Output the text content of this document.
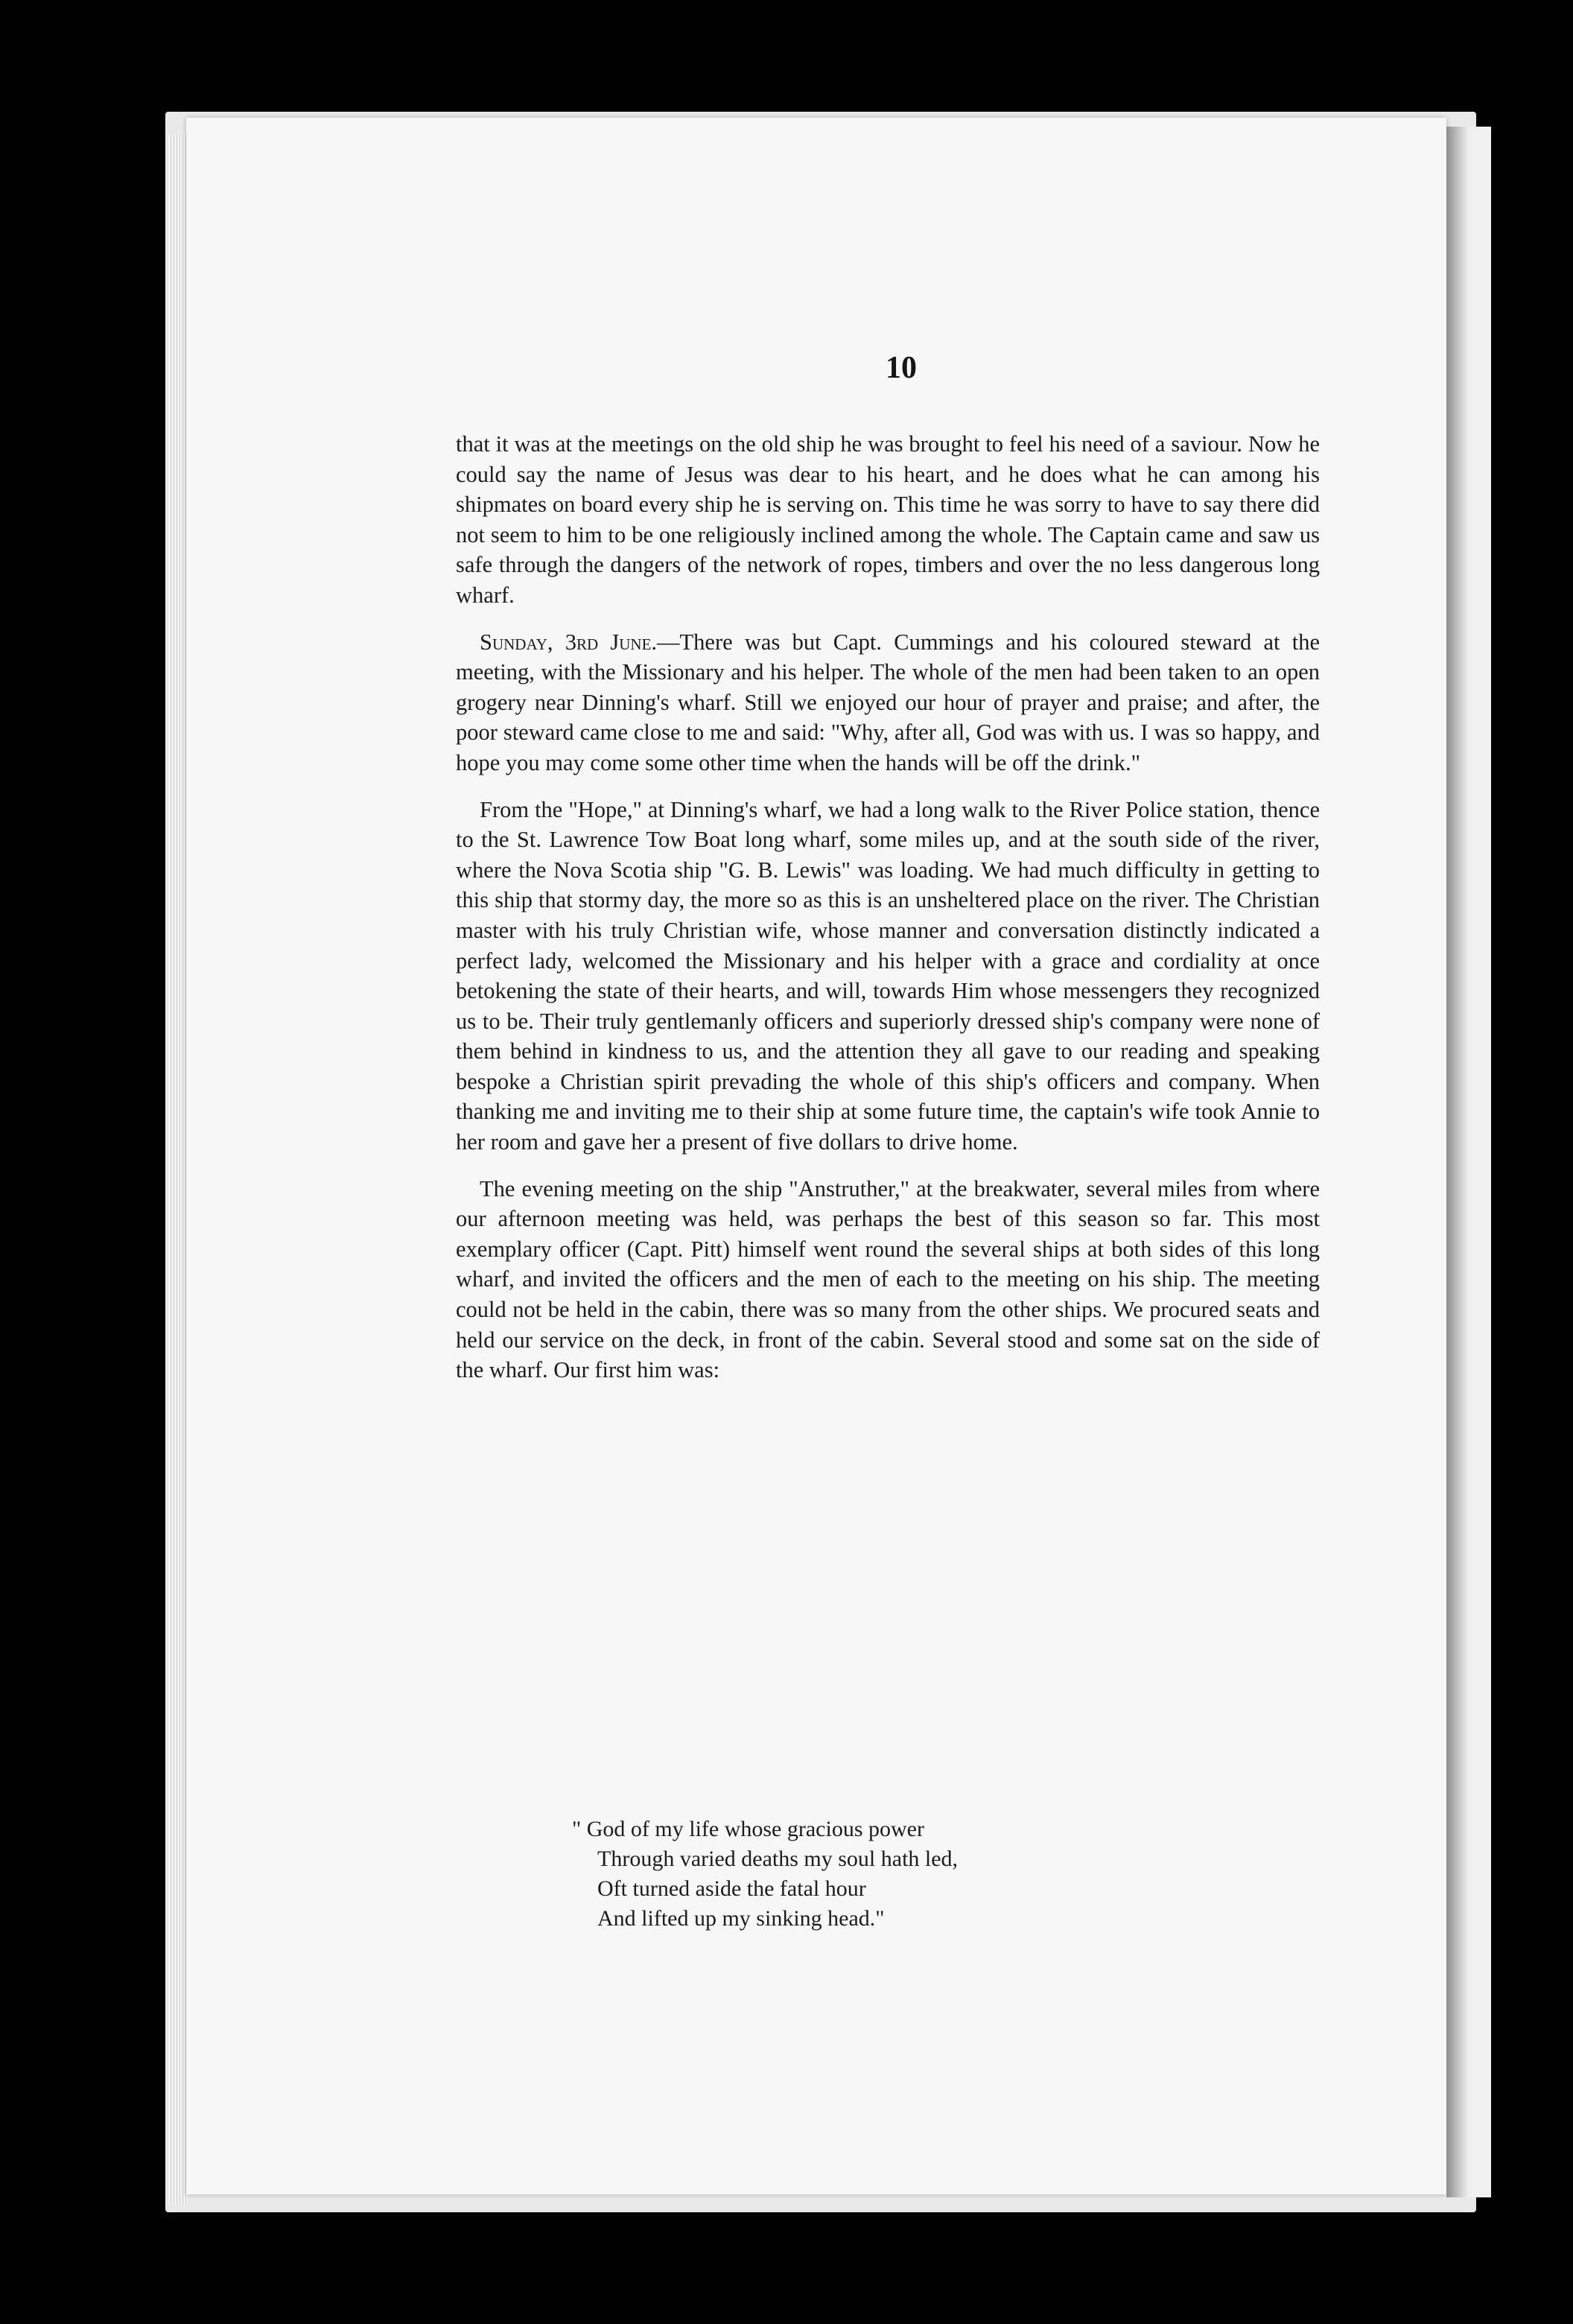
10

that it was at the meetings on the old ship he was brought to feel his need of a saviour. Now he could say the name of Jesus was dear to his heart, and he does what he can among his shipmates on board every ship he is serving on. This time he was sorry to have to say there did not seem to him to be one religiously inclined among the whole. The Captain came and saw us safe through the dangers of the network of ropes, timbers and over the no less dangerous long wharf.

Sunday, 3rd June.—There was but Capt. Cummings and his coloured steward at the meeting, with the Missionary and his helper. The whole of the men had been taken to an open grogery near Dinning's wharf. Still we enjoyed our hour of prayer and praise; and after, the poor steward came close to me and said: "Why, after all, God was with us. I was so happy, and hope you may come some other time when the hands will be off the drink."

From the "Hope," at Dinning's wharf, we had a long walk to the River Police station, thence to the St. Lawrence Tow Boat long wharf, some miles up, and at the south side of the river, where the Nova Scotia ship "G. B. Lewis" was loading. We had much difficulty in getting to this ship that stormy day, the more so as this is an unsheltered place on the river. The Christian master with his truly Christian wife, whose manner and conversation distinctly indicated a perfect lady, welcomed the Missionary and his helper with a grace and cordiality at once betokening the state of their hearts, and will, towards Him whose messengers they recognized us to be. Their truly gentlemanly officers and superiorly dressed ship's company were none of them behind in kindness to us, and the attention they all gave to our reading and speaking bespoke a Christian spirit prevading the whole of this ship's officers and company. When thanking me and inviting me to their ship at some future time, the captain's wife took Annie to her room and gave her a present of five dollars to drive home.

The evening meeting on the ship "Anstruther," at the breakwater, several miles from where our afternoon meeting was held, was perhaps the best of this season so far. This most exemplary officer (Capt. Pitt) himself went round the several ships at both sides of this long wharf, and invited the officers and the men of each to the meeting on his ship. The meeting could not be held in the cabin, there was so many from the other ships. We procured seats and held our service on the deck, in front of the cabin. Several stood and some sat on the side of the wharf. Our first him was:

" God of my life whose gracious power
Through varied deaths my soul hath led,
Oft turned aside the fatal hour
And lifted up my sinking head."
